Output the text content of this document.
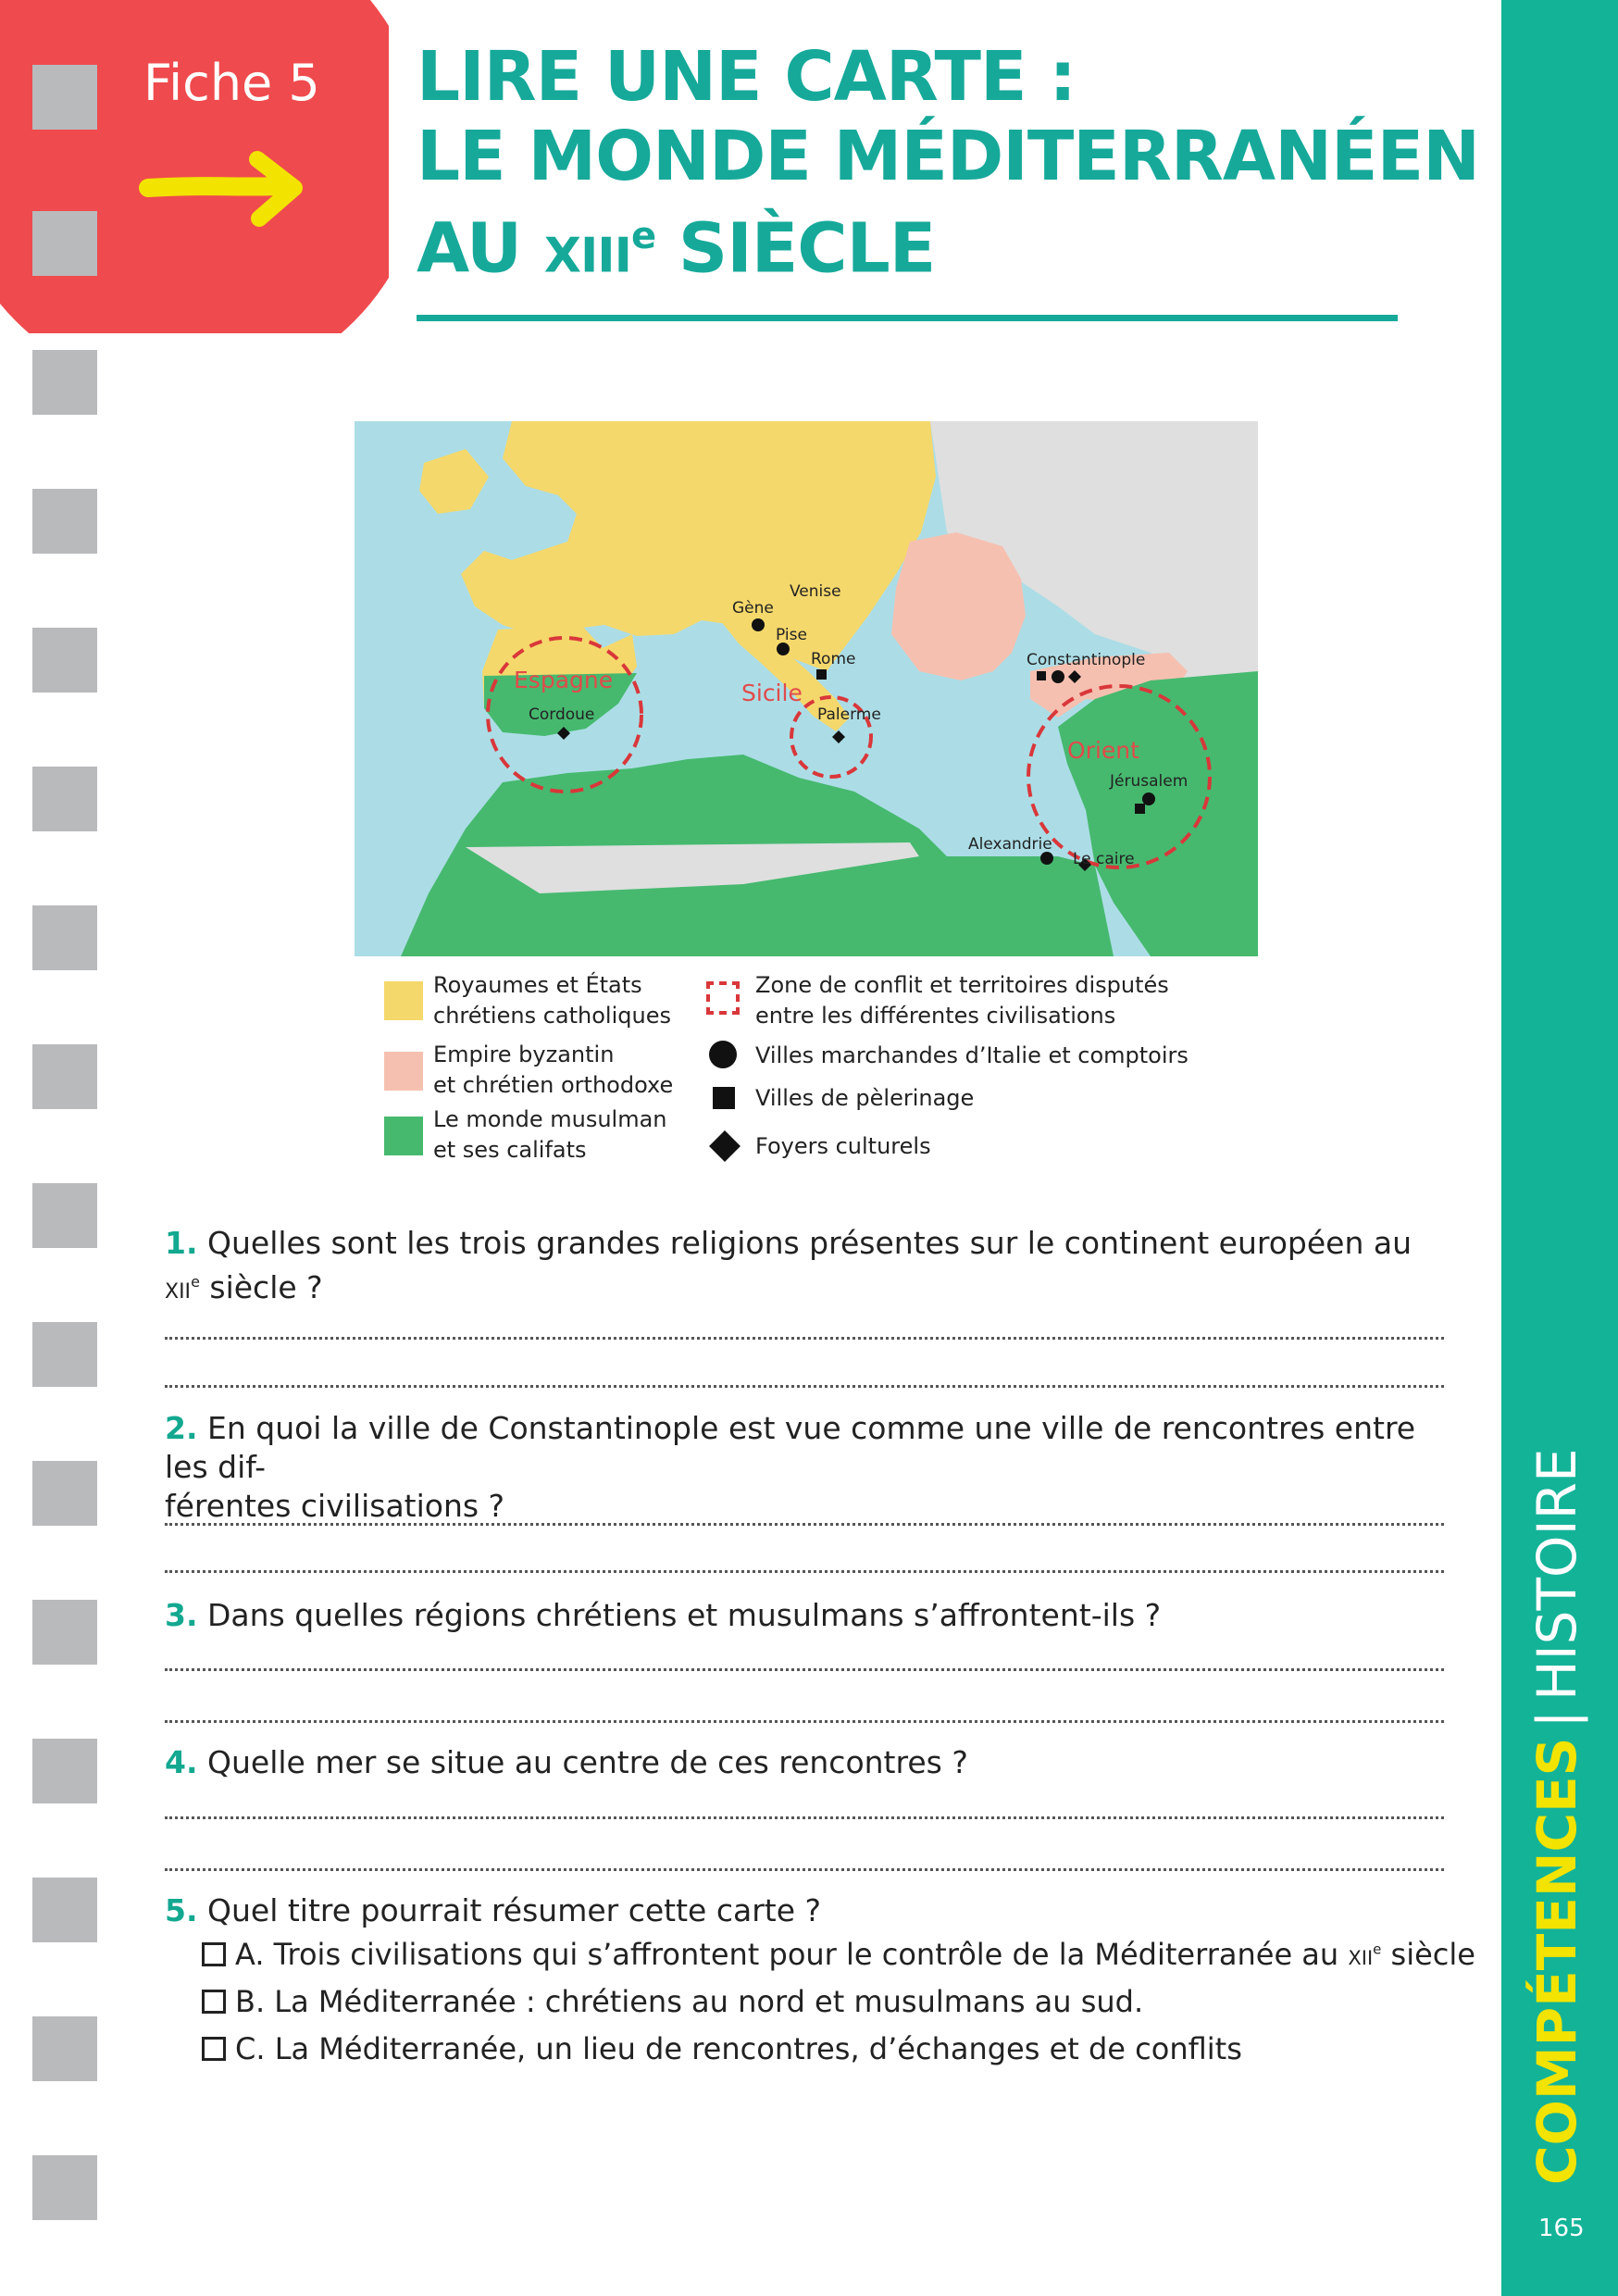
Fiche 5 LIRE UNE CARTE :
LE MONDE MÉDITERRANÉEN
AU XIIIe SIÈCLE
Espagne	Sicile
Orient
Venise
Gène
Pise
Rome	Constantinople
Cordoue	Palerme
Jérusalem
Alexandrie
Le caire
Royaumes et États
chrétiens catholiques
Empire byzantin
et chrétien orthodoxe
Le monde musulman
et ses califats
Zone de conflit et territoires disputés
entre les différentes civilisations
Villes marchandes d’Italie et comptoirs
Villes de pèlerinage
Foyers culturels
1. Quelles sont les trois grandes religions présentes sur le continent européen au
XIIe siècle ?
2. En quoi la ville de Constantinople est vue comme une ville de rencontres entre les dif-
férentes civilisations ?
3. Dans quelles régions chrétiens et musulmans s’affrontent-ils ?
4. Quelle mer se situe au centre de ces rencontres ?
5. Quel titre pourrait résumer cette carte ?
A. Trois civilisations qui s’affrontent pour le contrôle de la Méditerranée au XIIe siècle
B. La Méditerranée : chrétiens au nord et musulmans au sud.
C. La Méditerranée, un lieu de rencontres, d’échanges et de conflits	COMPÉTENCES|HISTOIRE
165
